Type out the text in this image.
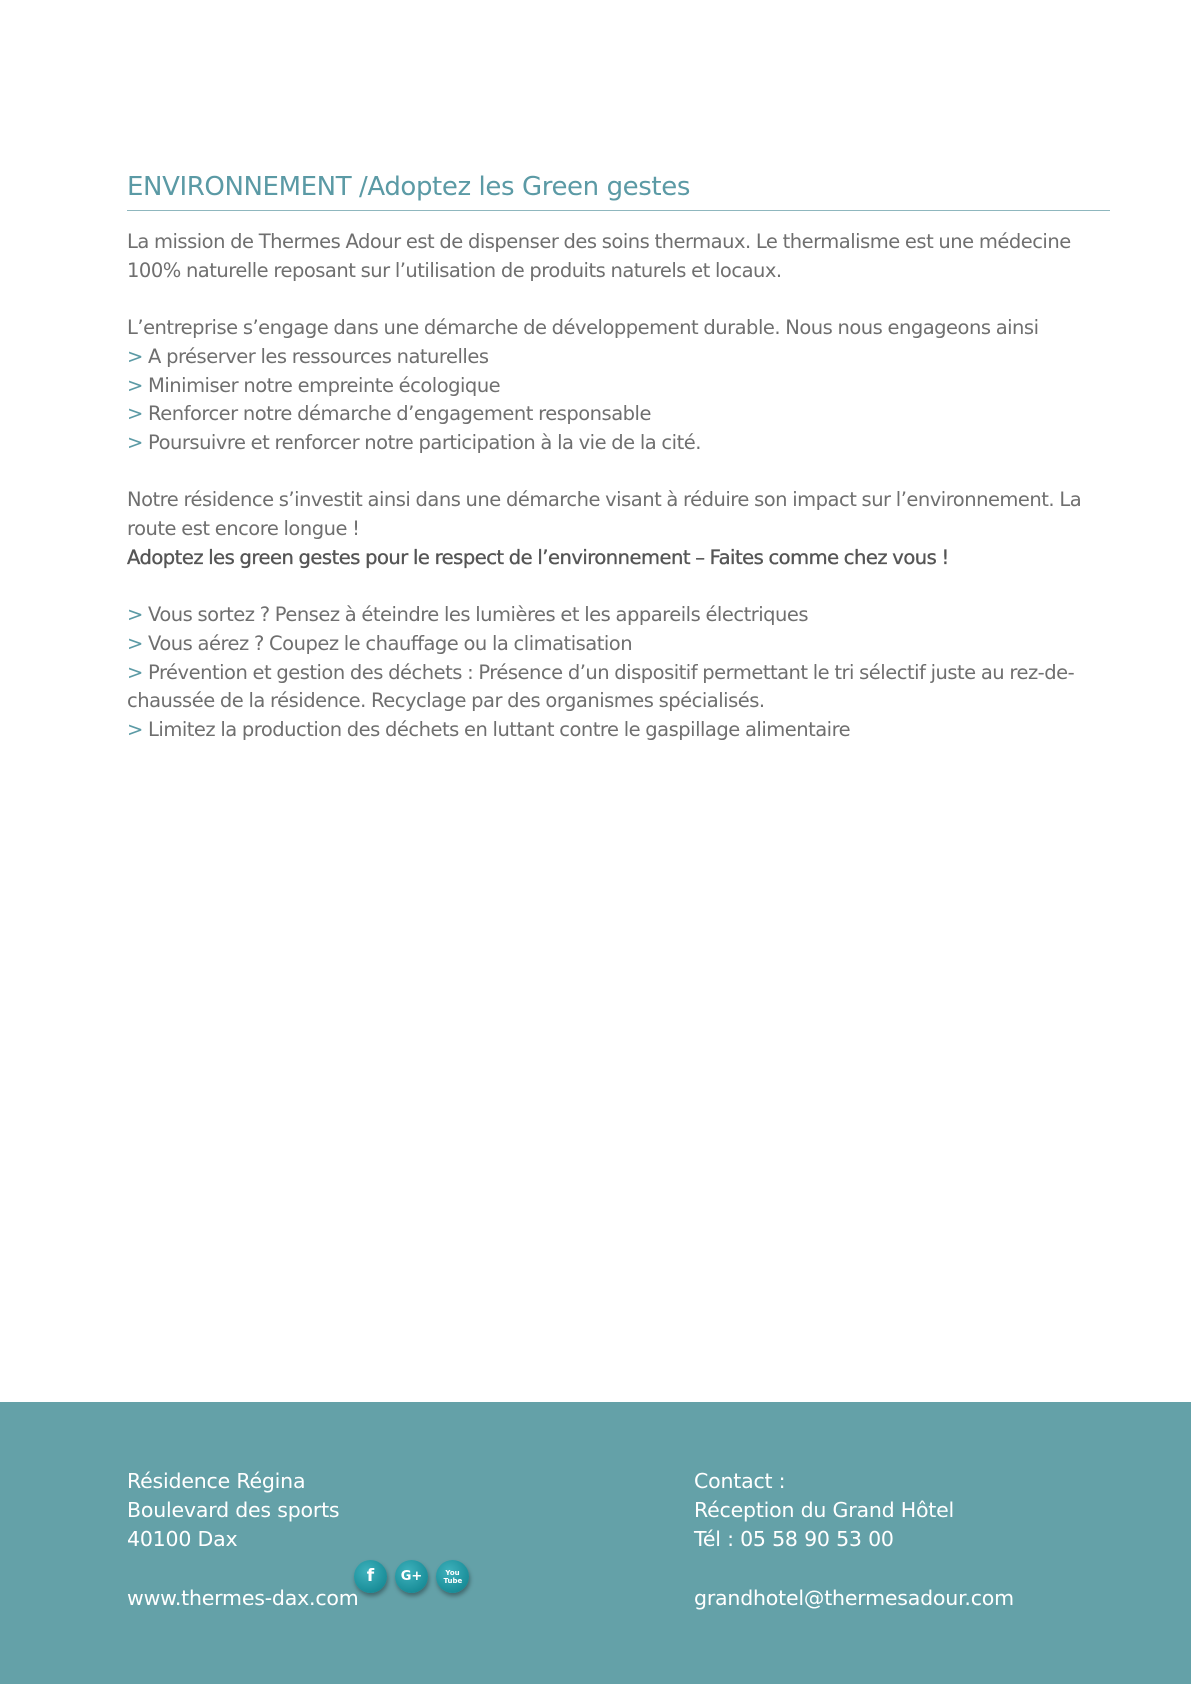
ENVIRONNEMENT /Adoptez les Green gestes

La mission de Thermes Adour est de dispenser des soins thermaux. Le thermalisme est une médecine 100% naturelle reposant sur l’utilisation de produits naturels et locaux.

L’entreprise s’engage dans une démarche de développement durable. Nous nous engageons ainsi

> A préserver les ressources naturelles
> Minimiser notre empreinte écologique
> Renforcer notre démarche d’engagement responsable
> Poursuivre et renforcer notre participation à la vie de la cité.

Notre résidence s’investit ainsi dans une démarche visant à réduire son impact sur l’environnement. La route est encore longue !

Adoptez les green gestes pour le respect de l’environnement – Faites comme chez vous !

> Vous sortez ? Pensez à éteindre les lumières et les appareils électriques
> Vous aérez ? Coupez le chauffage ou la climatisation
> Prévention et gestion des déchets : Présence d’un dispositif permettant le tri sélectif juste au rez-de-chaussée de la résidence. Recyclage par des organismes spécialisés.
> Limitez la production des déchets en luttant contre le gaspillage alimentaire
Résidence Régina
Boulevard des sports
40100 Dax
www.thermes-dax.com
f G+	You Tube
Contact :
Réception du Grand Hôtel
Tél : 05 58 90 53 00
grandhotel@thermesadour.com
